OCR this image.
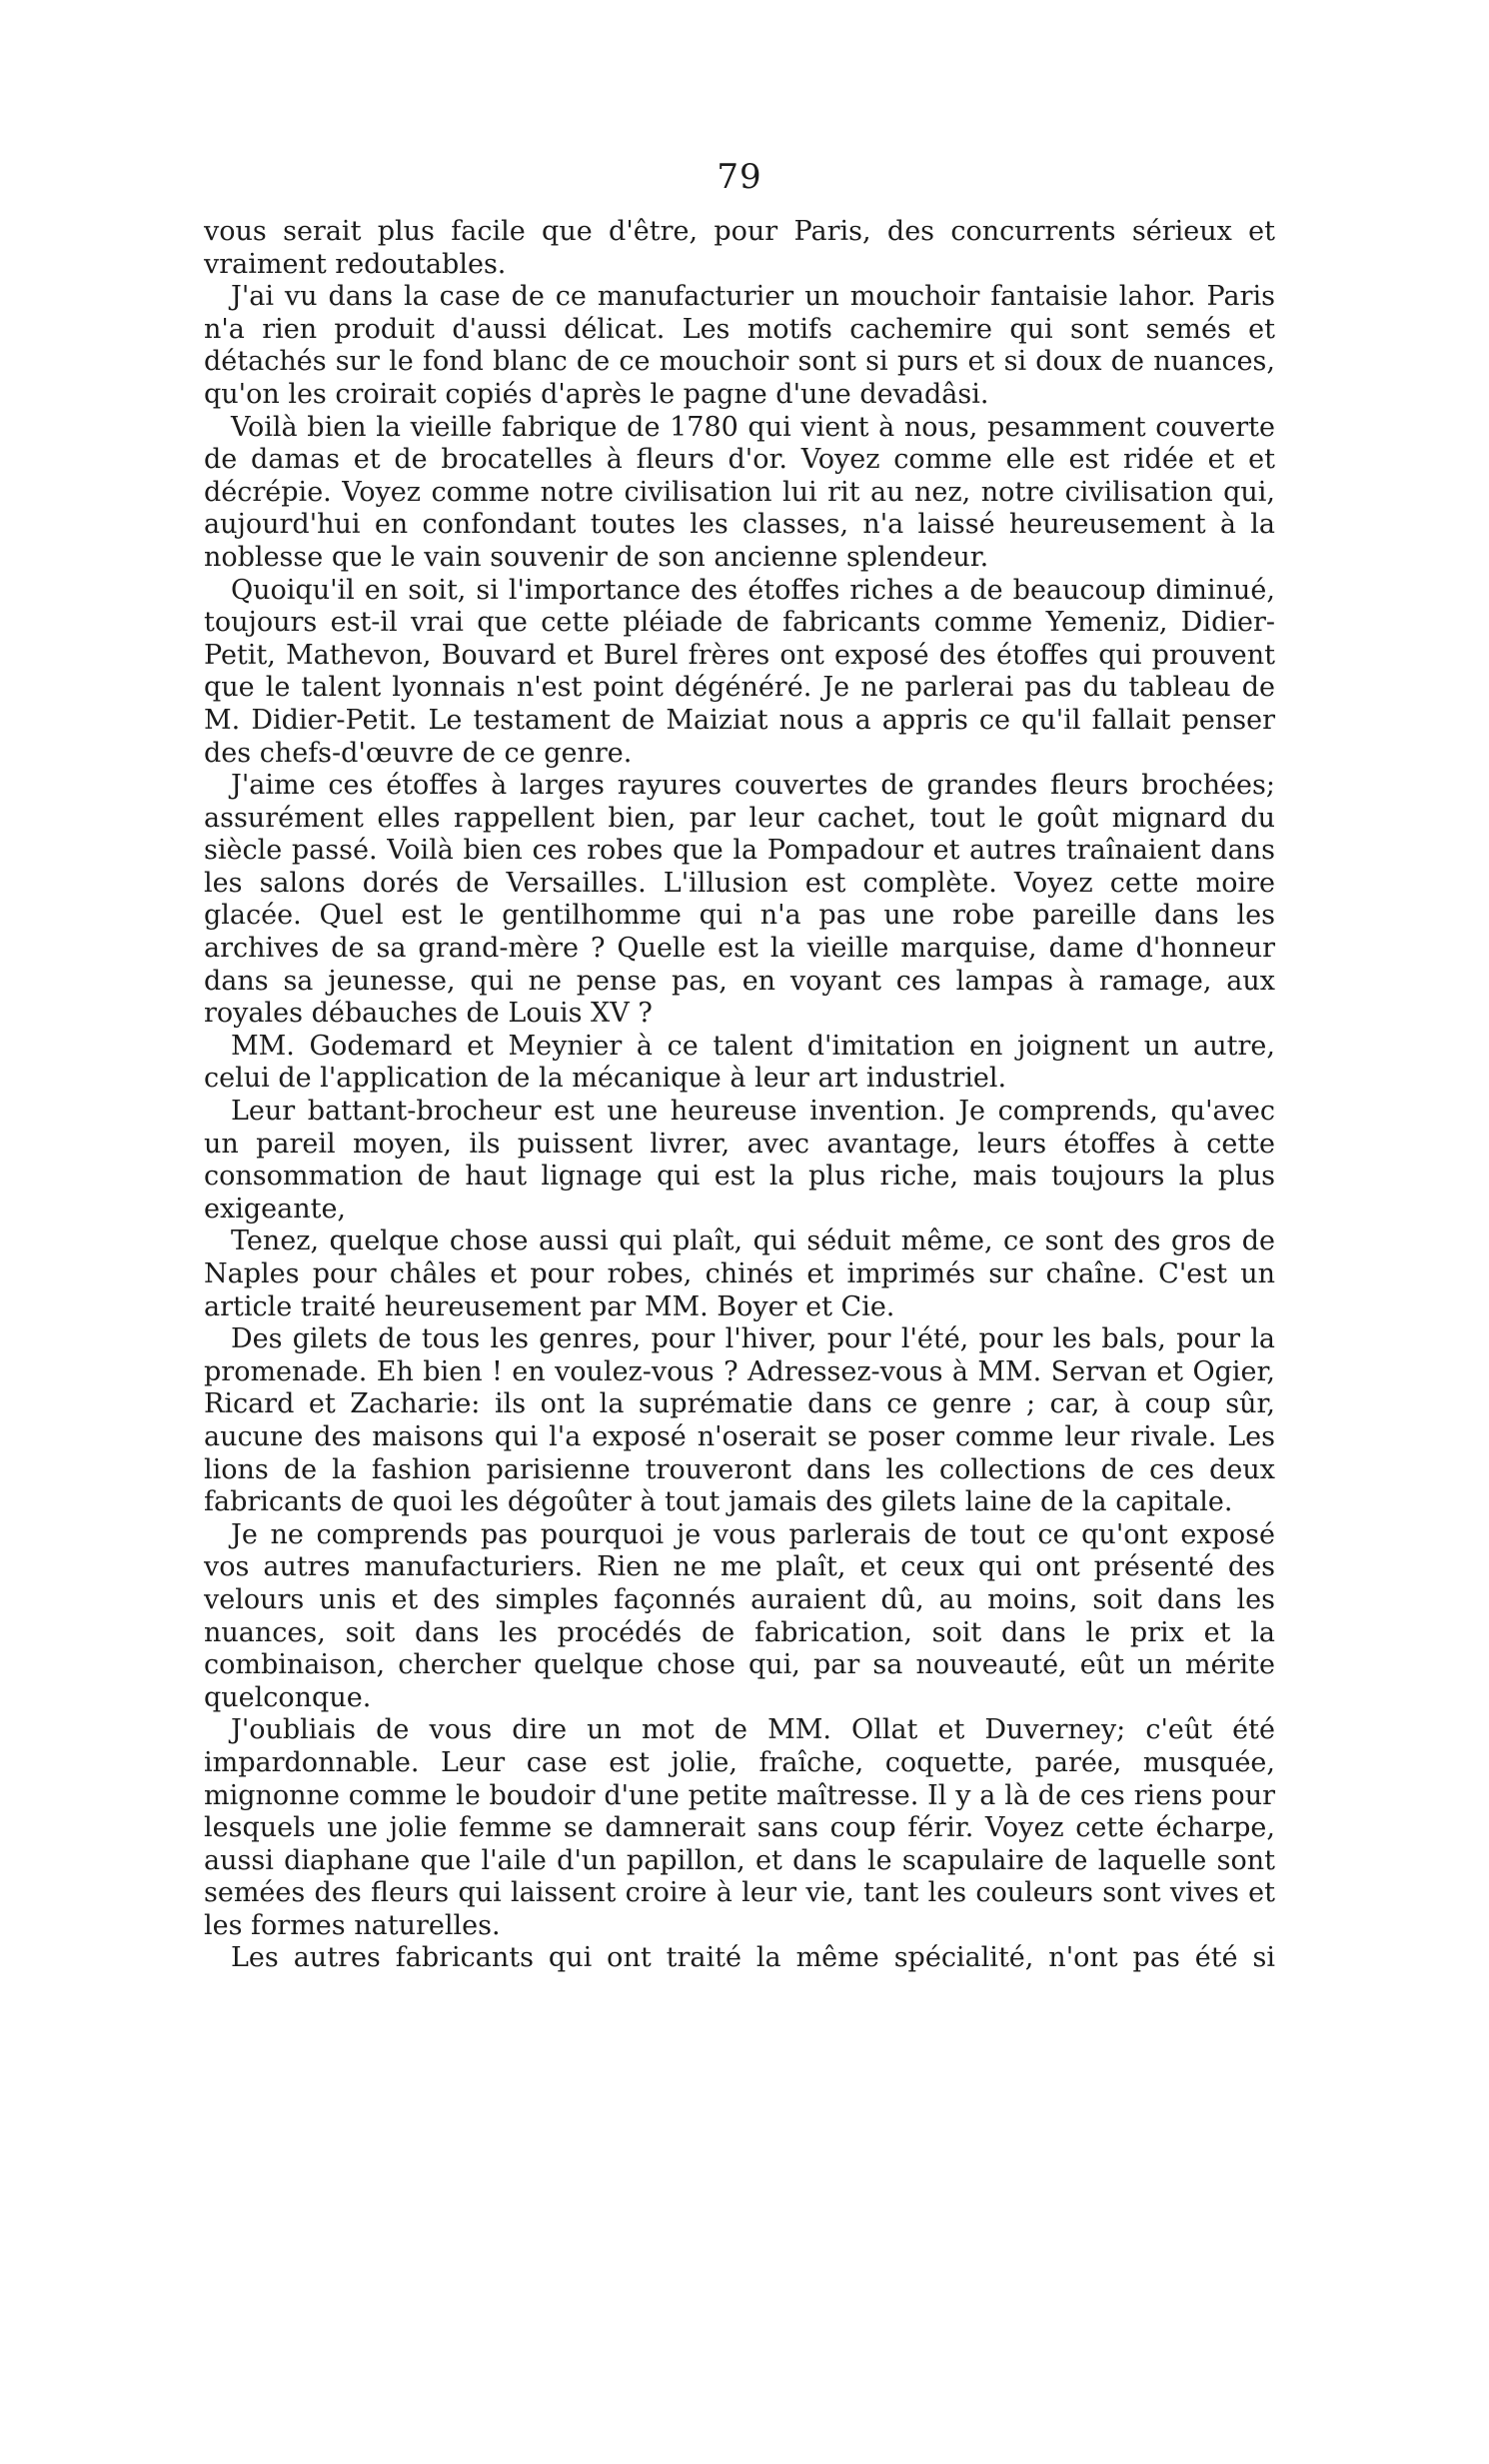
79

vous serait plus facile que d'être, pour Paris, des concurrents sérieux et vraiment redoutables.

J'ai vu dans la case de ce manufacturier un mouchoir fantaisie lahor. Paris n'a rien produit d'aussi délicat. Les motifs cachemire qui sont semés et détachés sur le fond blanc de ce mouchoir sont si purs et si doux de nuances, qu'on les croirait copiés d'après le pagne d'une devadâsi.

Voilà bien la vieille fabrique de 1780 qui vient à nous, pesamment couverte de damas et de brocatelles à fleurs d'or. Voyez comme elle est ridée et et décrépie. Voyez comme notre civilisation lui rit au nez, notre civilisation qui, aujourd'hui en confondant toutes les classes, n'a laissé heureusement à la noblesse que le vain souvenir de son ancienne splendeur.

Quoiqu'il en soit, si l'importance des étoffes riches a de beaucoup diminué, toujours est-il vrai que cette pléiade de fabricants comme Yemeniz, Didier-Petit, Mathevon, Bouvard et Burel frères ont exposé des étoffes qui prouvent que le talent lyonnais n'est point dégénéré. Je ne parlerai pas du tableau de M. Didier-Petit. Le testament de Maiziat nous a appris ce qu'il fallait penser des chefs-d'œuvre de ce genre.

J'aime ces étoffes à larges rayures couvertes de grandes fleurs brochées; assurément elles rappellent bien, par leur cachet, tout le goût mignard du siècle passé. Voilà bien ces robes que la Pompadour et autres traînaient dans les salons dorés de Versailles. L'illusion est complète. Voyez cette moire glacée. Quel est le gentilhomme qui n'a pas une robe pareille dans les archives de sa grand-mère ? Quelle est la vieille marquise, dame d'honneur dans sa jeunesse, qui ne pense pas, en voyant ces lampas à ramage, aux royales débauches de Louis XV ?

MM. Godemard et Meynier à ce talent d'imitation en joignent un autre, celui de l'application de la mécanique à leur art industriel.

Leur battant-brocheur est une heureuse invention. Je comprends, qu'avec un pareil moyen, ils puissent livrer, avec avantage, leurs étoffes à cette consommation de haut lignage qui est la plus riche, mais toujours la plus exigeante,

Tenez, quelque chose aussi qui plaît, qui séduit même, ce sont des gros de Naples pour châles et pour robes, chinés et imprimés sur chaîne. C'est un article traité heureusement par MM. Boyer et Cie.

Des gilets de tous les genres, pour l'hiver, pour l'été, pour les bals, pour la promenade. Eh bien ! en voulez-vous ? Adressez-vous à MM. Servan et Ogier, Ricard et Zacharie: ils ont la suprématie dans ce genre ; car, à coup sûr, aucune des maisons qui l'a exposé n'oserait se poser comme leur rivale. Les lions de la fashion parisienne trouveront dans les collections de ces deux fabricants de quoi les dégoûter à tout jamais des gilets laine de la capitale.

Je ne comprends pas pourquoi je vous parlerais de tout ce qu'ont exposé vos autres manufacturiers. Rien ne me plaît, et ceux qui ont présenté des velours unis et des simples façonnés auraient dû, au moins, soit dans les nuances, soit dans les procédés de fabrication, soit dans le prix et la combinaison, chercher quelque chose qui, par sa nouveauté, eût un mérite quelconque.

J'oubliais de vous dire un mot de MM. Ollat et Duverney; c'eût été impardonnable. Leur case est jolie, fraîche, coquette, parée, musquée, mignonne comme le boudoir d'une petite maîtresse. Il y a là de ces riens pour lesquels une jolie femme se damnerait sans coup férir. Voyez cette écharpe, aussi diaphane que l'aile d'un papillon, et dans le scapulaire de laquelle sont semées des fleurs qui laissent croire à leur vie, tant les couleurs sont vives et les formes naturelles.

Les autres fabricants qui ont traité la même spécialité, n'ont pas été si
